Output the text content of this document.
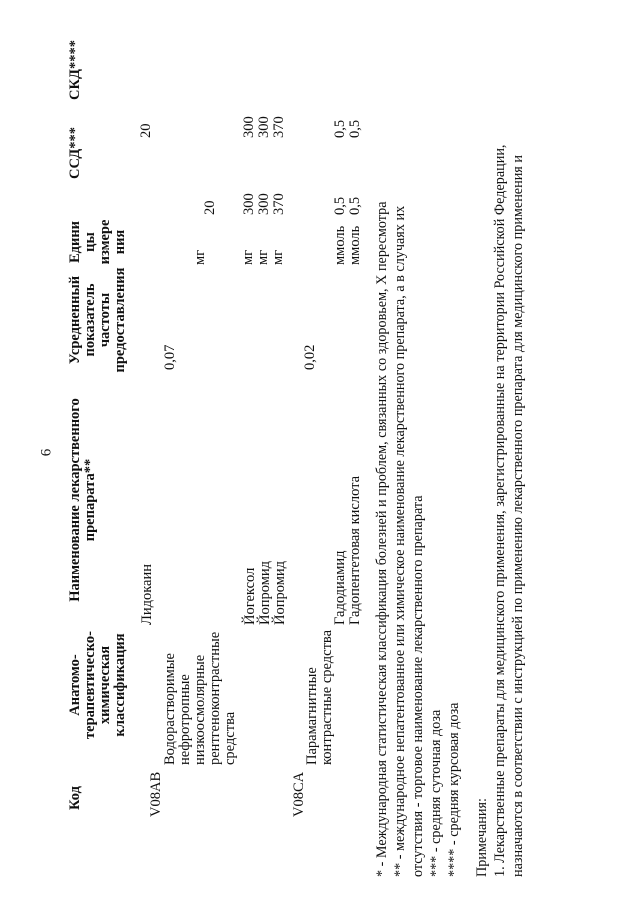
6
Код
Анатомо- терапевтическо- химическая классификация
Наименование лекарственного препарата**
Усредненный показатель частоты предоставления
Едини цы измере ния
ССД***
СКД****
Лидокаин
0,07
мг
20
20
V08AB
Водорастворимые нефротропные низкоосмолярные рентгеноконтрастные средства
Йогексол Йопромид Йопромид
мг мг мг
300 300 370
300 300 370
V08CA
Парамагнитные контрастные средства
0,02
Гадодиамид Гадопентетовая кислота
ммоль ммоль
0,5 0,5
0,5 0,5
* - Международная статистическая классификация болезней и проблем, связанных со здоровьем, X пересмотра ** - международное непатентованное или химическое наименование лекарственного препарата, а в случаях их отсутствия - торговое наименование лекарственного препарата *** - средняя суточная доза **** - средняя курсовая доза Примечания: 1. Лекарственные препараты для медицинского применения, зарегистрированные на территории Российской Федерации, назначаются в соответствии с инструкцией по применению лекарственного препарата для медицинского применения и
